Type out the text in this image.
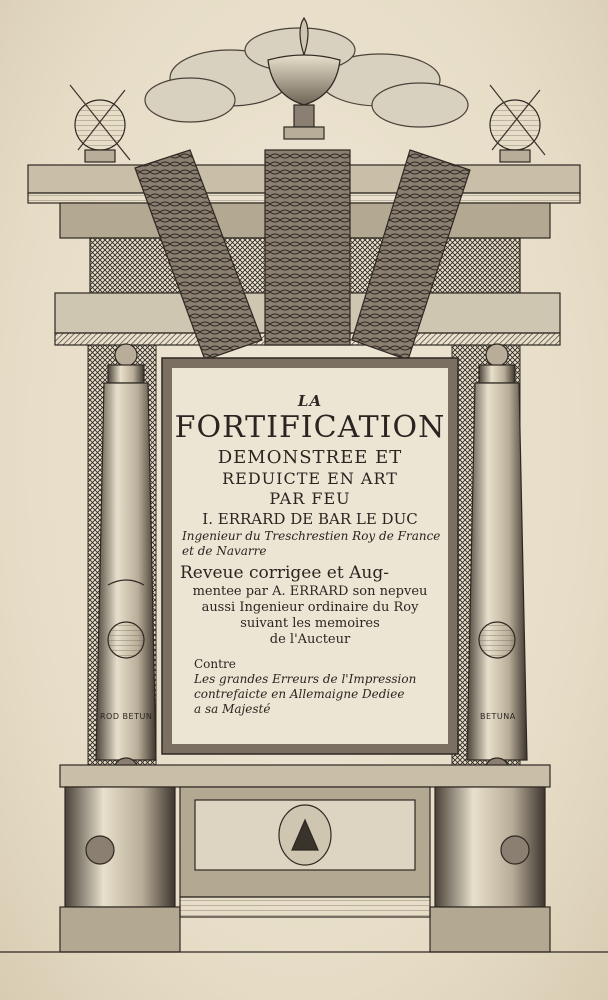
ROD BETUN	BETUNA
LA
FORTIFICATION
DEMONSTREE ET
REDUICTE EN ART
PAR FEU
I. ERRARD DE BAR LE DUC
Ingenieur du Treschrestien Roy de France
et de Navarre
Reveue corrigee et Aug-
mentee par A. ERRARD son nepveu
aussi Ingenieur ordinaire du Roy
suivant les memoires
de l'Aucteur
Contre
Les grandes Erreurs de l'Impression
contrefaicte en Allemaigne Dediee
a sa Majesté
